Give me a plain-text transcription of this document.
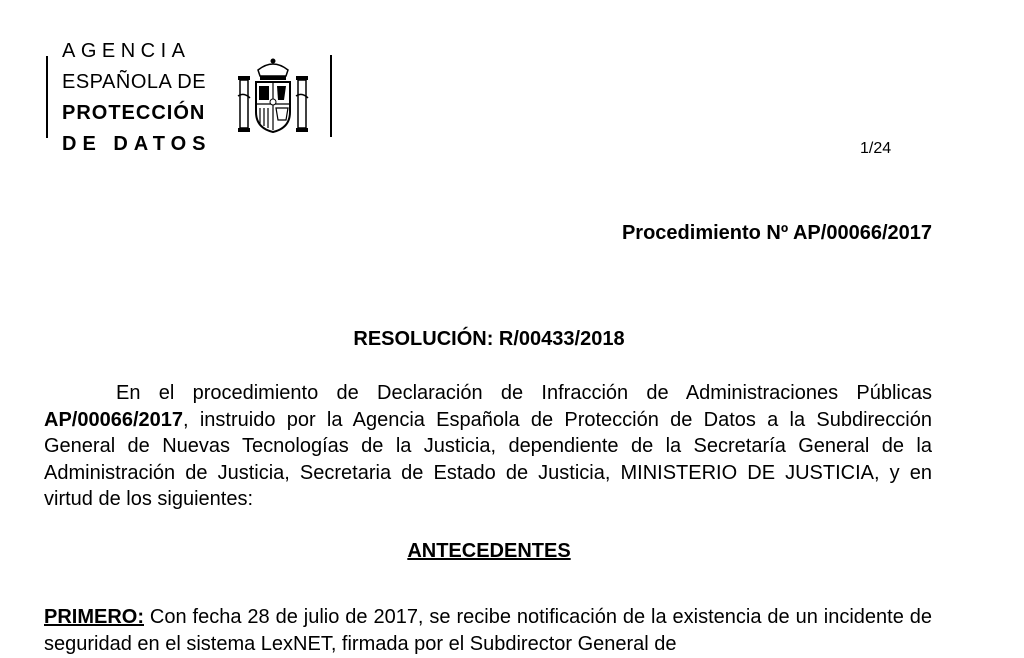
AGENCIA
ESPAÑOLA DE
PROTECCIÓN
DE DATOS	1/24
Procedimiento Nº AP/00066/2017
RESOLUCIÓN: R/00433/2018
En el procedimiento de Declaración de Infracción de Administraciones Públicas AP/00066/2017, instruido por la Agencia Española de Protección de Datos a la Subdirección General de Nuevas Tecnologías de la Justicia, dependiente de la Secretaría General de la Administración de Justicia, Secretaria de Estado de Justicia, MINISTERIO DE JUSTICIA, y en virtud de los siguientes:
ANTECEDENTES
PRIMERO: Con fecha 28 de julio de 2017, se recibe notificación de la existencia de un incidente de seguridad en el sistema LexNET, firmada por el Subdirector General de
